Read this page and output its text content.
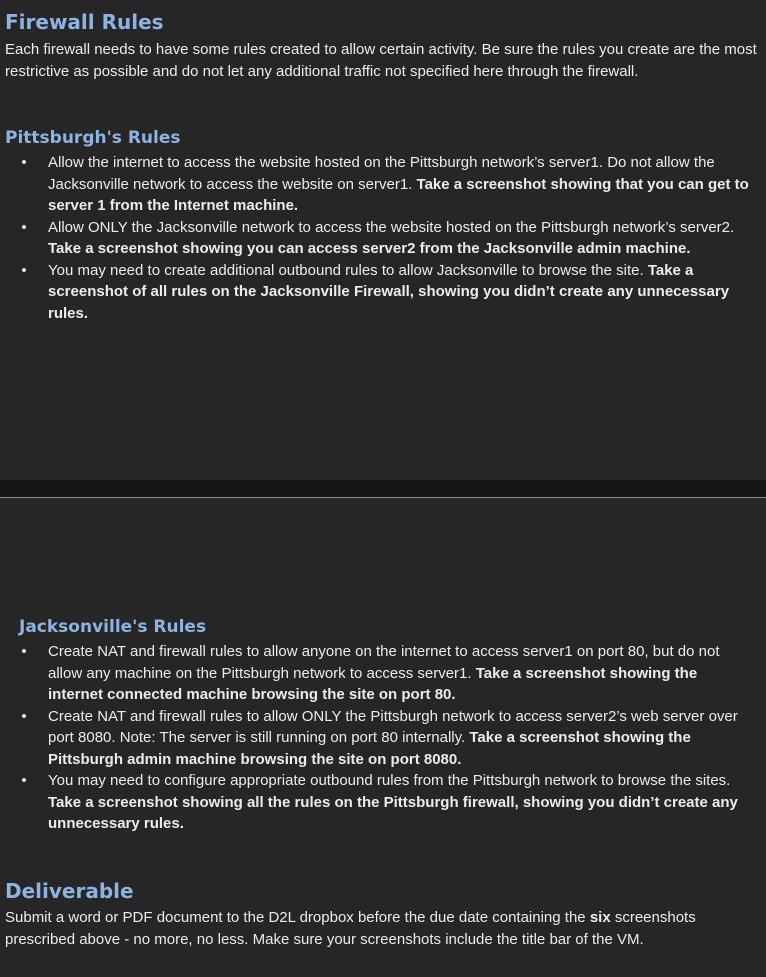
Firewall Rules

Each firewall needs to have some rules created to allow certain activity. Be sure the rules you create are the most restrictive as possible and do not let any additional traffic not specified here through the firewall.

Pittsburgh's Rules
• Allow the internet to access the website hosted on the Pittsburgh network’s server1. Do not allow the Jacksonville network to access the website on server1. Take a screenshot showing that you can get to server 1 from the Internet machine.
• Allow ONLY the Jacksonville network to access the website hosted on the Pittsburgh network’s server2. Take a screenshot showing you can access server2 from the Jacksonville admin machine.
• You may need to create additional outbound rules to allow Jacksonville to browse the site. Take a screenshot of all rules on the Jacksonville Firewall, showing you didn’t create any unnecessary rules.
Jacksonville's Rules
• Create NAT and firewall rules to allow anyone on the internet to access server1 on port 80, but do not allow any machine on the Pittsburgh network to access server1. Take a screenshot showing the internet connected machine browsing the site on port 80.
• Create NAT and firewall rules to allow ONLY the Pittsburgh network to access server2’s web server over port 8080. Note: The server is still running on port 80 internally. Take a screenshot showing the Pittsburgh admin machine browsing the site on port 8080.
• You may need to configure appropriate outbound rules from the Pittsburgh network to browse the sites. Take a screenshot showing all the rules on the Pittsburgh firewall, showing you didn’t create any unnecessary rules.
Deliverable

Submit a word or PDF document to the D2L dropbox before the due date containing the six screenshots prescribed above - no more, no less. Make sure your screenshots include the title bar of the VM.
